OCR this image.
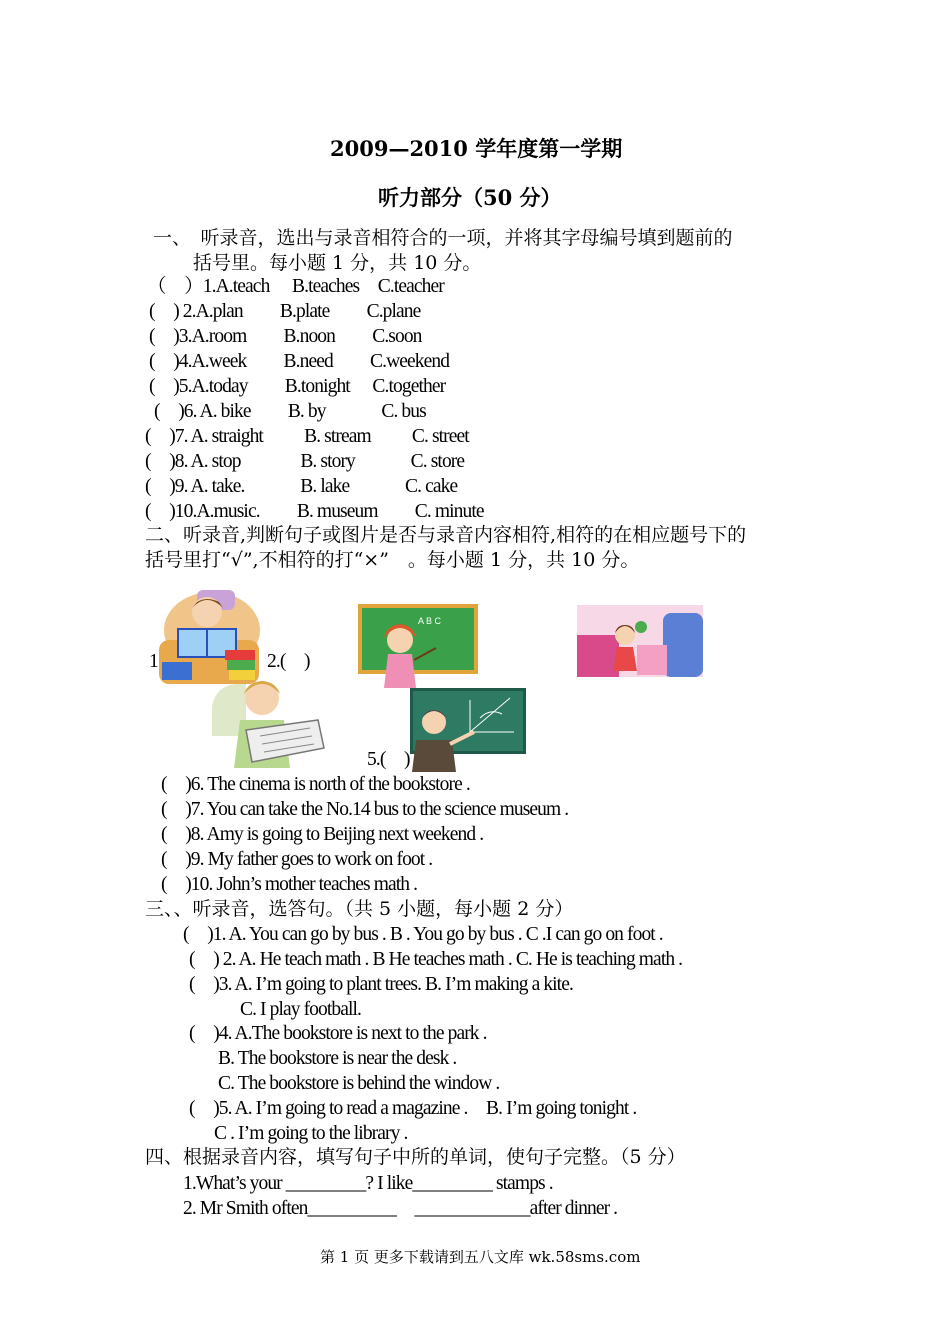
2009—2010 学年度第一学期
听力部分（50 分）
一、　听录音，选出与录音相符合的一项，并将其字母编号填到题前的
括号里。每小题 1 分，共 10 分。
（　）1.A.teach　 B.teaches　C.teacher
(　) 2.A.plan　　B.plate　　C.plane
(　)3.A.room　　B.noon　　C.soon
(　)4.A.week　　B.need　　C.weekend
(　)5.A.today　　B.tonight　 C.together
(　)6. A. bike　　B. by　　　C. bus
(　)7. A. straight　　 B. stream　　 C. street
(　)8. A. stop　　　 B. story　　　C. store
(　)9. A. take.　　　B. lake　　　C. cake
(　)10.A.music.　　B. museum　　C. minute
二、听录音,判断句子或图片是否与录音内容相符,相符的在相应题号下的
括号里打“√”,不相符的打“×”　。每小题 1 分，共 10 分。
1	2.(　)
A B C
5.(　)
(　)6. The cinema is north of the bookstore .
(　)7. You can take the No.14 bus to the science museum .
(　)8. Amy is going to Beijing next weekend .
(　)9. My father goes to work on foot .
(　)10. John’s mother teaches math .
三、、听录音，选答句。（共 5 小题，每小题 2 分）
(　)1. A. You can go by bus . B . You go by bus . C .I can go on foot .
(　) 2. A. He teach math . B He teaches math . C. He is teaching math .
(　)3. A. I’m going to plant trees. B. I’m making a kite.
C. I play football.
(　)4. A.The bookstore is next to the park .
B. The bookstore is near the desk .
C. The bookstore is behind the window .
(　)5. A. I’m going to read a magazine .　B. I’m going tonight .
C . I’m going to the library .
四、根据录音内容，填写句子中所的单词，使句子完整。（5 分）
1.What’s your _________? I like_________ stamps .
2. Mr Smith often__________　_____________after dinner .
第 1 页 更多下载请到五八文库 wk.58sms.com
